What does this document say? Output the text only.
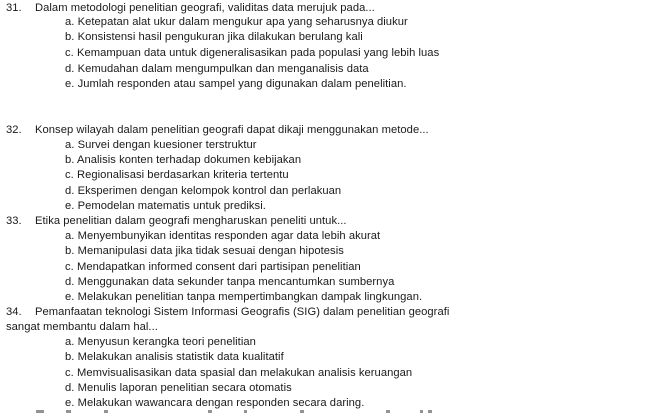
31. Dalam metodologi penelitian geografi, validitas data merujuk pada...
a. Ketepatan alat ukur dalam mengukur apa yang seharusnya diukur
b. Konsistensi hasil pengukuran jika dilakukan berulang kali
c. Kemampuan data untuk digeneralisasikan pada populasi yang lebih luas
d. Kemudahan dalam mengumpulkan dan menganalisis data
e. Jumlah responden atau sampel yang digunakan dalam penelitian.
32. Konsep wilayah dalam penelitian geografi dapat dikaji menggunakan metode...
a. Survei dengan kuesioner terstruktur
b. Analisis konten terhadap dokumen kebijakan
c. Regionalisasi berdasarkan kriteria tertentu
d. Eksperimen dengan kelompok kontrol dan perlakuan
e. Pemodelan matematis untuk prediksi.
33. Etika penelitian dalam geografi mengharuskan peneliti untuk...
a. Menyembunyikan identitas responden agar data lebih akurat
b. Memanipulasi data jika tidak sesuai dengan hipotesis
c. Mendapatkan informed consent dari partisipan penelitian
d. Menggunakan data sekunder tanpa mencantumkan sumbernya
e. Melakukan penelitian tanpa mempertimbangkan dampak lingkungan.
34. Pemanfaatan teknologi Sistem Informasi Geografis (SIG) dalam penelitian geografi
sangat membantu dalam hal...
a. Menyusun kerangka teori penelitian
b. Melakukan analisis statistik data kualitatif
c. Memvisualisasikan data spasial dan melakukan analisis keruangan
d. Menulis laporan penelitian secara otomatis
e. Melakukan wawancara dengan responden secara daring.
